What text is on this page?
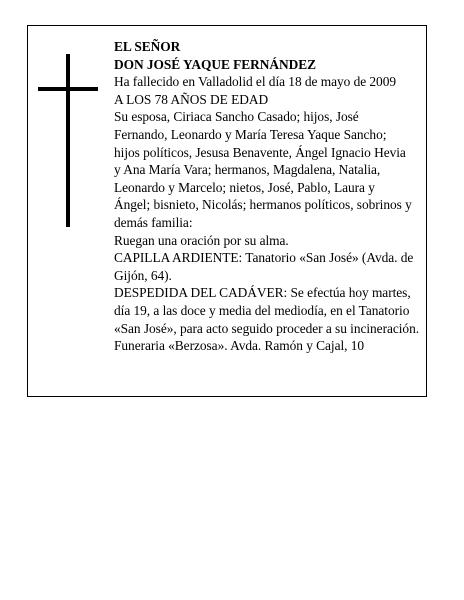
EL SEÑOR

DON JOSÉ YAQUE FERNÁNDEZ

Ha fallecido en Valladolid el día 18 de mayo de 2009

A LOS 78 AÑOS DE EDAD

Su esposa, Ciriaca Sancho Casado; hijos, José

Fernando, Leonardo y María Teresa Yaque Sancho;

hijos políticos, Jesusa Benavente, Ángel Ignacio Hevia

y Ana María Vara; hermanos, Magdalena, Natalia,

Leonardo y Marcelo; nietos, José, Pablo, Laura y

Ángel; bisnieto, Nicolás; hermanos políticos, sobrinos y

demás familia:

Ruegan una oración por su alma.

CAPILLA ARDIENTE: Tanatorio «San José» (Avda. de

Gijón, 64).

DESPEDIDA DEL CADÁVER: Se efectúa hoy martes,

día 19, a las doce y media del mediodía, en el Tanatorio

«San José», para acto seguido proceder a su incineración.

Funeraria «Berzosa». Avda. Ramón y Cajal, 10
